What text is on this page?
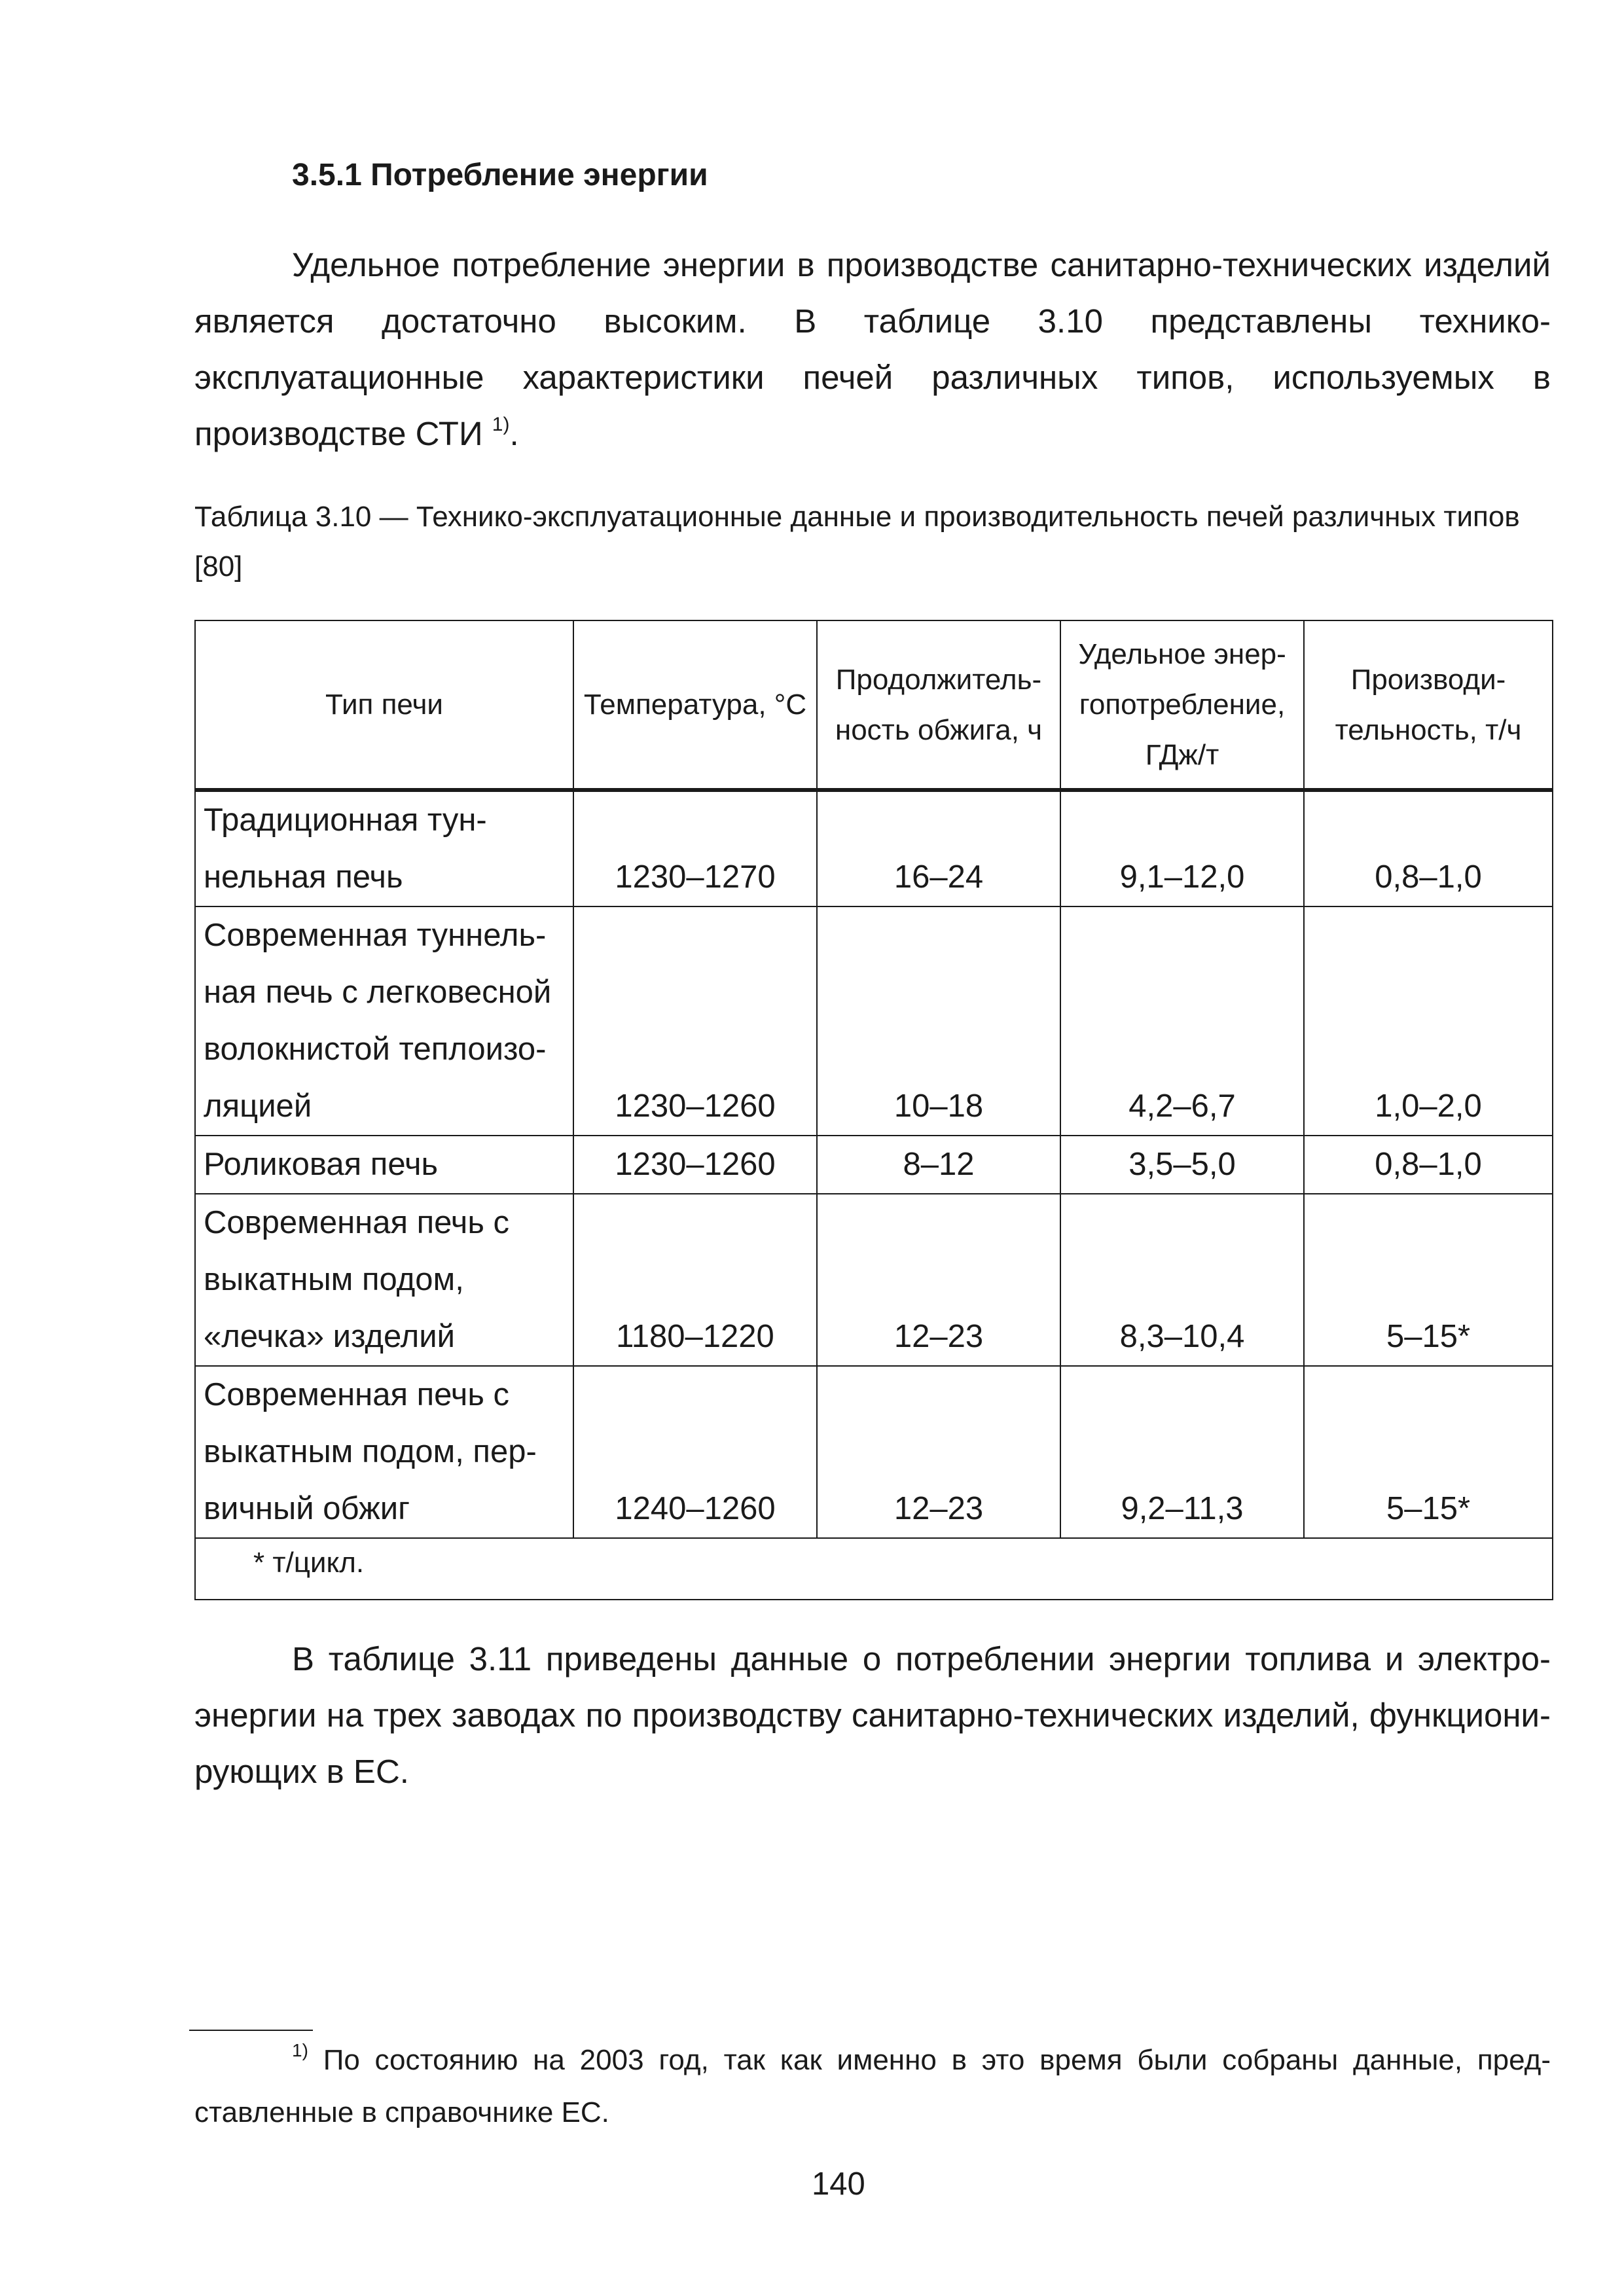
3.5.1 Потребление энергии

Удельное потребление энергии в производстве санитарно-технических изделий является достаточно высоким. В таблице 3.10 представлены технико-эксплуатационные характеристики печей различных типов, используемых в производстве СТИ $^{1)}$.

Таблица 3.10 — Технико-эксплуатационные данные и производительность печей различных типов [80]
Тип печи	Температура, °С	Продолжитель-ность обжига, ч	Удельное энер-гопотребление, ГДж/т	Производи-тельность, т/ч
Традиционная тун-нельная печь	1230–1270	16–24	9,1–12,0	0,8–1,0
Современная туннель-ная печь с легковесной волокнистой теплоизо-ляцией	1230–1260	10–18	4,2–6,7	1,0–2,0
Роликовая печь	1230–1260	8–12	3,5–5,0	0,8–1,0
Современная печь с выкатным подом, «лечка» изделий	1180–1220	12–23	8,3–10,4	5–15*
Современная печь с выкатным подом, пер-вичный обжиг	1240–1260	12–23	9,2–11,3	5–15*
* т/цикл.				

В таблице 3.11 приведены данные о потреблении энергии топлива и электро-энергии на трех заводах по производству санитарно-технических изделий, функциони-рующих в ЕС.

$^{1)}$ По состоянию на 2003 год, так как именно в это время были собраны данные, пред-ставленные в справочнике ЕС.
140
